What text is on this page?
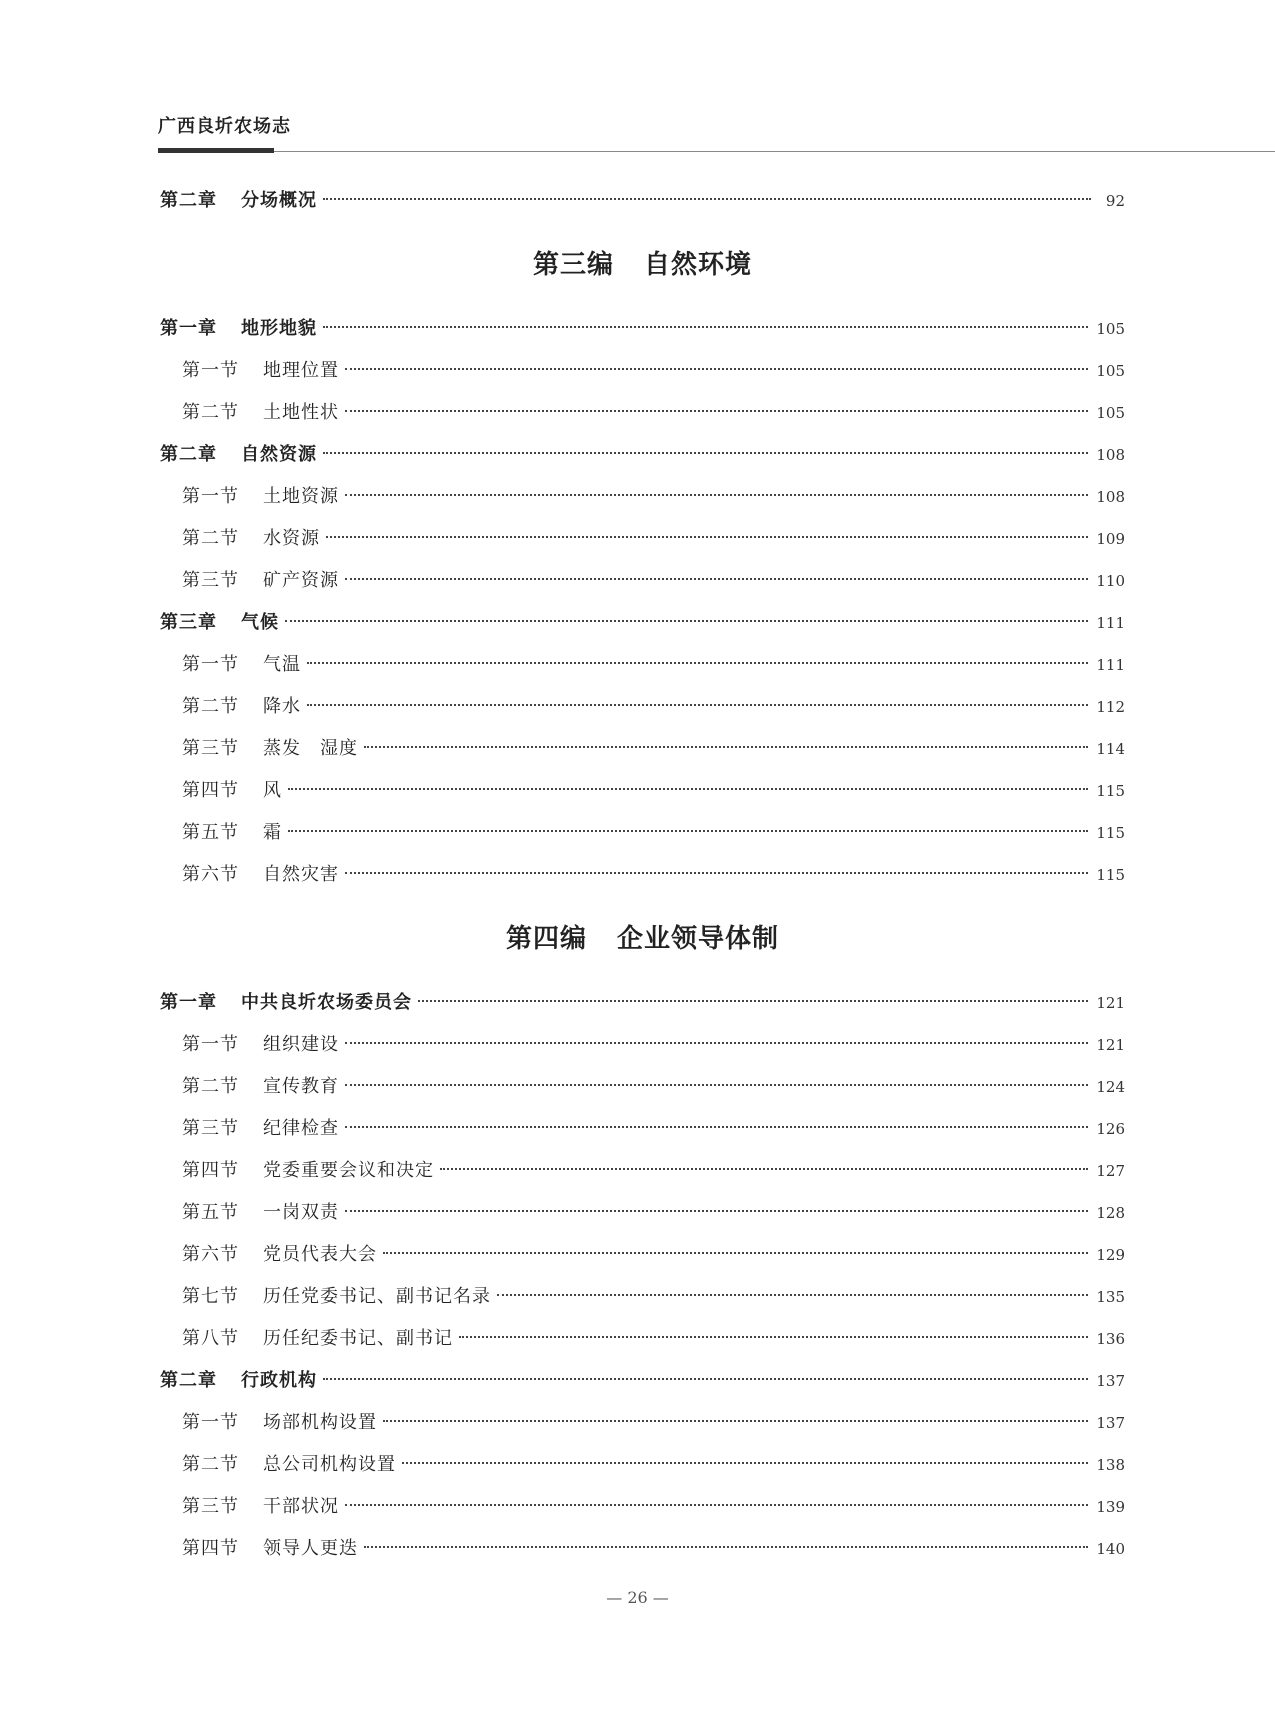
广西良圻农场志
第二章 分场概况	92
第三编 自然环境
第一章 地形地貌	105
第一节 地理位置	105
第二节 土地性状	105
第二章 自然资源	108
第一节 土地资源	108
第二节 水资源	109
第三节 矿产资源	110
第三章 气候	111
第一节 气温	111
第二节 降水	112
第三节 蒸发　湿度	114
第四节 风	115
第五节 霜	115
第六节 自然灾害	115
第四编 企业领导体制
第一章 中共良圻农场委员会	121
第一节 组织建设	121
第二节 宣传教育	124
第三节 纪律检查	126
第四节 党委重要会议和决定	127
第五节 一岗双责	128
第六节 党员代表大会	129
第七节 历任党委书记、副书记名录	135
第八节 历任纪委书记、副书记	136
第二章 行政机构	137
第一节 场部机构设置	137
第二节 总公司机构设置	138
第三节 干部状况	139
第四节 领导人更迭	140
— 26 —
